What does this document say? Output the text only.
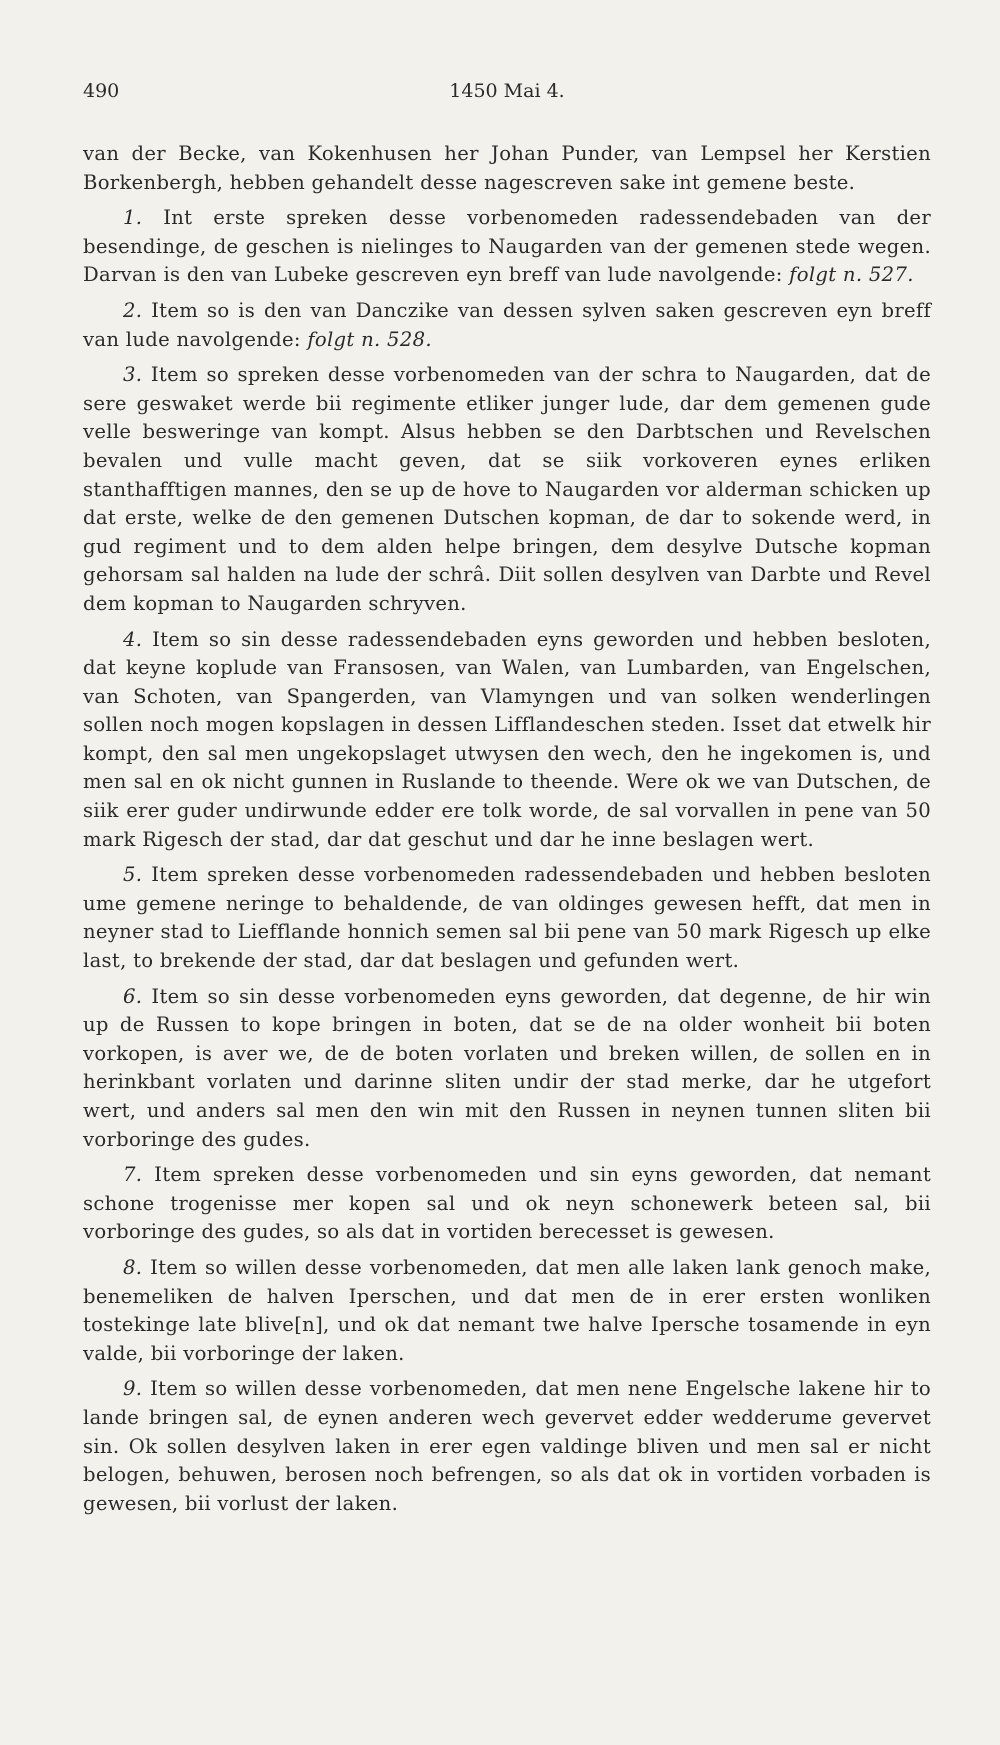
490	1450 Mai 4.

van der Becke, van Kokenhusen her Johan Punder, van Lempsel her Kerstien Borkenbergh, hebben gehandelt desse nagescreven sake int gemene beste.

1. Int erste spreken desse vorbenomeden radessendebaden van der besendinge, de geschen is nielinges to Naugarden van der gemenen stede wegen. Darvan is den van Lubeke gescreven eyn breff van lude navolgende: folgt n. 527.

2. Item so is den van Danczike van dessen sylven saken gescreven eyn breff van lude navolgende: folgt n. 528.

3. Item so spreken desse vorbenomeden van der schra to Naugarden, dat de sere geswaket werde bii regimente etliker junger lude, dar dem gemenen gude velle besweringe van kompt. Alsus hebben se den Darbtschen und Revelschen bevalen und vulle macht geven, dat se siik vorkoveren eynes erliken stanthafftigen mannes, den se up de hove to Naugarden vor alderman schicken up dat erste, welke de den gemenen Dutschen kopman, de dar to sokende werd, in gud regiment und to dem alden helpe bringen, dem desylve Dutsche kopman gehorsam sal halden na lude der schrâ. Diit sollen desylven van Darbte und Revel dem kopman to Naugarden schryven.

4. Item so sin desse radessendebaden eyns geworden und hebben besloten, dat keyne koplude van Fransosen, van Walen, van Lumbarden, van Engelschen, van Schoten, van Spangerden, van Vlamyngen und van solken wenderlingen sollen noch mogen kopslagen in dessen Lifflandeschen steden. Isset dat etwelk hir kompt, den sal men ungekopslaget utwysen den wech, den he ingekomen is, und men sal en ok nicht gunnen in Ruslande to theende. Were ok we van Dutschen, de siik erer guder undirwunde edder ere tolk worde, de sal vorvallen in pene van 50 mark Rigesch der stad, dar dat geschut und dar he inne beslagen wert.

5. Item spreken desse vorbenomeden radessendebaden und hebben besloten ume gemene neringe to behaldende, de van oldinges gewesen hefft, dat men in neyner stad to Liefflande honnich semen sal bii pene van 50 mark Rigesch up elke last, to brekende der stad, dar dat beslagen und gefunden wert.

6. Item so sin desse vorbenomeden eyns geworden, dat degenne, de hir win up de Russen to kope bringen in boten, dat se de na older wonheit bii boten vorkopen, is aver we, de de boten vorlaten und breken willen, de sollen en in herinkbant vorlaten und darinne sliten undir der stad merke, dar he utgefort wert, und anders sal men den win mit den Russen in neynen tunnen sliten bii vorboringe des gudes.

7. Item spreken desse vorbenomeden und sin eyns geworden, dat nemant schone trogenisse mer kopen sal und ok neyn schonewerk beteen sal, bii vorboringe des gudes, so als dat in vortiden berecesset is gewesen.

8. Item so willen desse vorbenomeden, dat men alle laken lank genoch make, benemeliken de halven Iperschen, und dat men de in erer ersten wonliken tostekinge late blive[n], und ok dat nemant twe halve Ipersche tosamende in eyn valde, bii vorboringe der laken.

9. Item so willen desse vorbenomeden, dat men nene Engelsche lakene hir to lande bringen sal, de eynen anderen wech gevervet edder wedderume gevervet sin. Ok sollen desylven laken in erer egen valdinge bliven und men sal er nicht belogen, behuwen, berosen noch befrengen, so als dat ok in vortiden vorbaden is gewesen, bii vorlust der laken.
